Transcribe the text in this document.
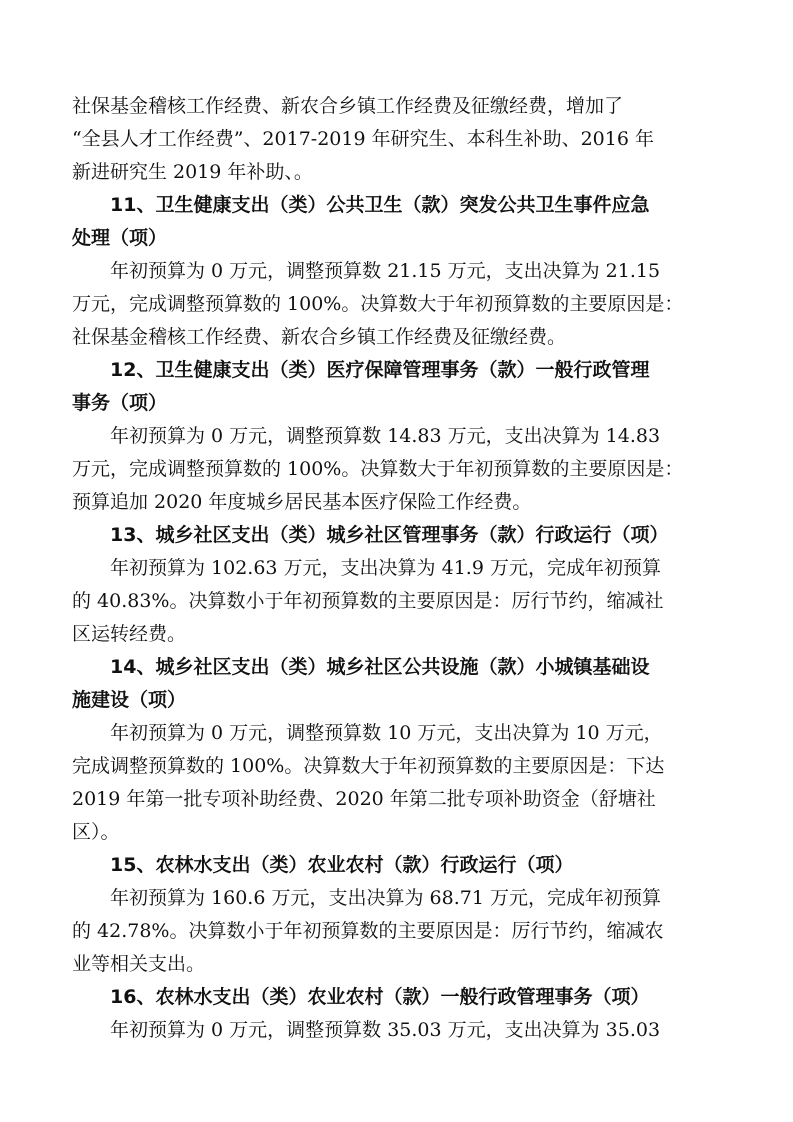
社保基金稽核工作经费、新农合乡镇工作经费及征缴经费，增加了
“全县人才工作经费”、2017-2019 年研究生、本科生补助、2016 年
新进研究生 2019 年补助、。
11、卫生健康支出（类）公共卫生（款）突发公共卫生事件应急
处理（项）
年初预算为 0 万元，调整预算数 21.15 万元，支出决算为 21.15
万元，完成调整预算数的 100%。决算数大于年初预算数的主要原因是：
社保基金稽核工作经费、新农合乡镇工作经费及征缴经费。
12、卫生健康支出（类）医疗保障管理事务（款）一般行政管理
事务（项）
年初预算为 0 万元，调整预算数 14.83 万元，支出决算为 14.83
万元，完成调整预算数的 100%。决算数大于年初预算数的主要原因是：
预算追加 2020 年度城乡居民基本医疗保险工作经费。
13、城乡社区支出（类）城乡社区管理事务（款）行政运行（项）
年初预算为 102.63 万元，支出决算为 41.9 万元，完成年初预算
的 40.83%。决算数小于年初预算数的主要原因是：厉行节约，缩减社
区运转经费。
14、城乡社区支出（类）城乡社区公共设施（款）小城镇基础设
施建设（项）
年初预算为 0 万元，调整预算数 10 万元，支出决算为 10 万元，
完成调整预算数的 100%。决算数大于年初预算数的主要原因是：下达
2019 年第一批专项补助经费、2020 年第二批专项补助资金（舒塘社
区）。
15、农林水支出（类）农业农村（款）行政运行（项）
年初预算为 160.6 万元，支出决算为 68.71 万元，完成年初预算
的 42.78%。决算数小于年初预算数的主要原因是：厉行节约，缩减农
业等相关支出。
16、农林水支出（类）农业农村（款）一般行政管理事务（项）
年初预算为 0 万元，调整预算数 35.03 万元，支出决算为 35.03
